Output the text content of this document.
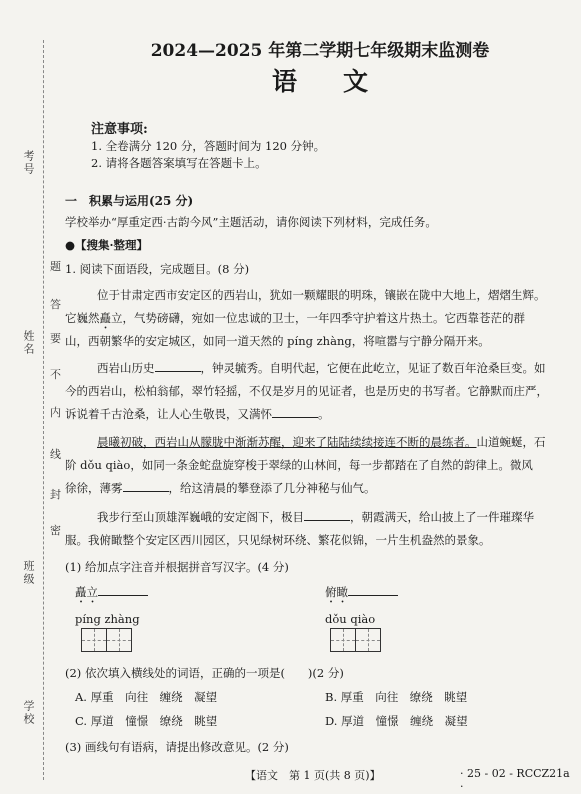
班级
姓名
考号
学校
题
答
要
不
内
线
封
密
2024—2025 年第二学期七年级期末监测卷
语文
注意事项:
1. 全卷满分 120 分，答题时间为 120 分钟。
2. 请将各题答案填写在答题卡上。
一　积累与运用(25 分)
学校举办“厚重定西·古韵今风”主题活动，请你阅读下列材料，完成任务。
●【搜集·整理】
1. 阅读下面语段，完成题目。(8 分)
位于甘肃定西市安定区的西岩山，犹如一颗耀眼的明珠，镶嵌在陇中大地上，熠熠生辉。
它巍然矗立，气势磅礴，宛如一位忠诚的卫士，一年四季守护着这片热土。它西靠苍茫的群
山，西朝繁华的安定城区，如同一道天然的 píng zhàng，将喧嚣与宁静分隔开来。
西岩山历史	，钟灵毓秀。自明代起，它便在此屹立，见证了数百年沧桑巨变。如
今的西岩山，松柏翁郁，翠竹轻摇，不仅是岁月的见证者，也是历史的书写者。它静默而庄严，
诉说着千古沧桑，让人心生敬畏，又满怀	。
晨曦初破，西岩山从朦胧中渐渐苏醒，迎来了陆陆续续接连不断的晨练者。山道蜿蜒，石
阶 dǒu qiào，如同一条金蛇盘旋穿梭于翠绿的山林间，每一步都踏在了自然的韵律上。微风
徐徐，薄雾	，给这清晨的攀登添了几分神秘与仙气。
我步行至山顶雄浑巍峨的安定阁下，极目	，朝霞满天，给山披上了一件璀璨华
服。我俯瞰整个安定区西川园区，只见绿树环绕、繁花似锦，一片生机盎然的景象。
(1) 给加点字注音并根据拼音写汉字。(4 分)
矗立	俯瞰
píng zhàng	dǒu qiào
(2) 依次填入横线处的词语，正确的一项是(　　)(2 分)
A. 厚重　向往　缠绕　凝望	B. 厚重　向往　缭绕　眺望
C. 厚道　憧憬　缭绕　眺望	D. 厚道　憧憬　缠绕　凝望
(3) 画线句有语病，请提出修改意见。(2 分)
【语文　第 1 页(共 8 页)】	· 25 - 02 - RCCZ21a ·
